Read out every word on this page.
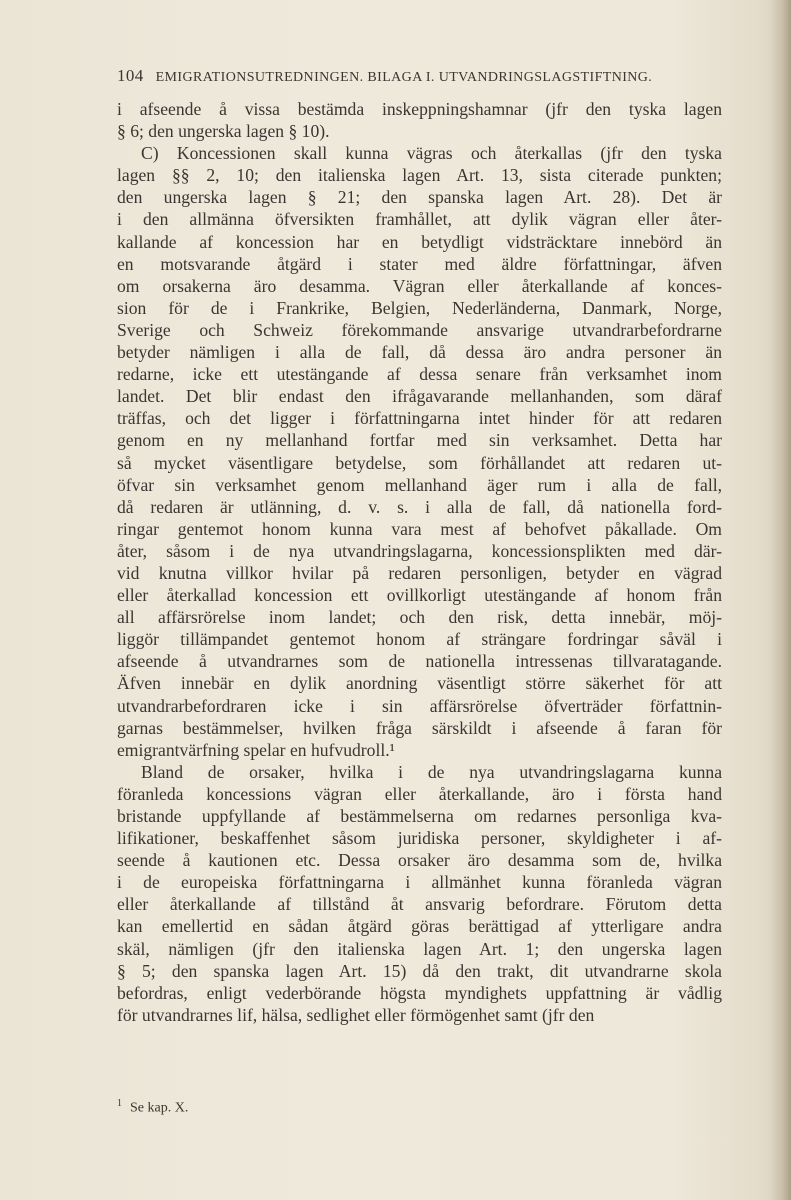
104 EMIGRATIONSUTREDNINGEN. BILAGA I. UTVANDRINGSLAGSTIFTNING.
i afseende å vissa bestämda inskeppningshamnar (jfr den tyska lagen
§ 6; den ungerska lagen § 10).
C) Koncessionen skall kunna vägras och återkallas (jfr den tyska
lagen §§ 2, 10; den italienska lagen Art. 13, sista citerade punkten;
den ungerska lagen § 21; den spanska lagen Art. 28). Det är
i den allmänna öfversikten framhållet, att dylik vägran eller åter-
kallande af koncession har en betydligt vidsträcktare innebörd än
en motsvarande åtgärd i stater med äldre författningar, äfven
om orsakerna äro desamma. Vägran eller återkallande af konces-
sion för de i Frankrike, Belgien, Nederländerna, Danmark, Norge,
Sverige och Schweiz förekommande ansvarige utvandrarbefordrarne
betyder nämligen i alla de fall, då dessa äro andra personer än
redarne, icke ett utestängande af dessa senare från verksamhet inom
landet. Det blir endast den ifrågavarande mellanhanden, som däraf
träffas, och det ligger i författningarna intet hinder för att redaren
genom en ny mellanhand fortfar med sin verksamhet. Detta har
så mycket väsentligare betydelse, som förhållandet att redaren ut-
öfvar sin verksamhet genom mellanhand äger rum i alla de fall,
då redaren är utlänning, d. v. s. i alla de fall, då nationella ford-
ringar gentemot honom kunna vara mest af behofvet påkallade. Om
åter, såsom i de nya utvandringslagarna, koncessionsplikten med där-
vid knutna villkor hvilar på redaren personligen, betyder en vägrad
eller återkallad koncession ett ovillkorligt utestängande af honom från
all affärsrörelse inom landet; och den risk, detta innebär, möj-
liggör tillämpandet gentemot honom af strängare fordringar såväl i
afseende å utvandrarnes som de nationella intressenas tillvaratagande.
Äfven innebär en dylik anordning väsentligt större säkerhet för att
utvandrarbefordraren icke i sin affärsrörelse öfverträder författnin-
garnas bestämmelser, hvilken fråga särskildt i afseende å faran för
emigrantvärfning spelar en hufvudroll.¹
Bland de orsaker, hvilka i de nya utvandringslagarna kunna
föranleda koncessions vägran eller återkallande, äro i första hand
bristande uppfyllande af bestämmelserna om redarnes personliga kva-
lifikationer, beskaffenhet såsom juridiska personer, skyldigheter i af-
seende å kautionen etc. Dessa orsaker äro desamma som de, hvilka
i de europeiska författningarna i allmänhet kunna föranleda vägran
eller återkallande af tillstånd åt ansvarig befordrare. Förutom detta
kan emellertid en sådan åtgärd göras berättigad af ytterligare andra
skäl, nämligen (jfr den italienska lagen Art. 1; den ungerska lagen
§ 5; den spanska lagen Art. 15) då den trakt, dit utvandrarne skola
befordras, enligt vederbörande högsta myndighets uppfattning är vådlig
för utvandrarnes lif, hälsa, sedlighet eller förmögenhet samt (jfr den
$^1$ Se kap. X.
